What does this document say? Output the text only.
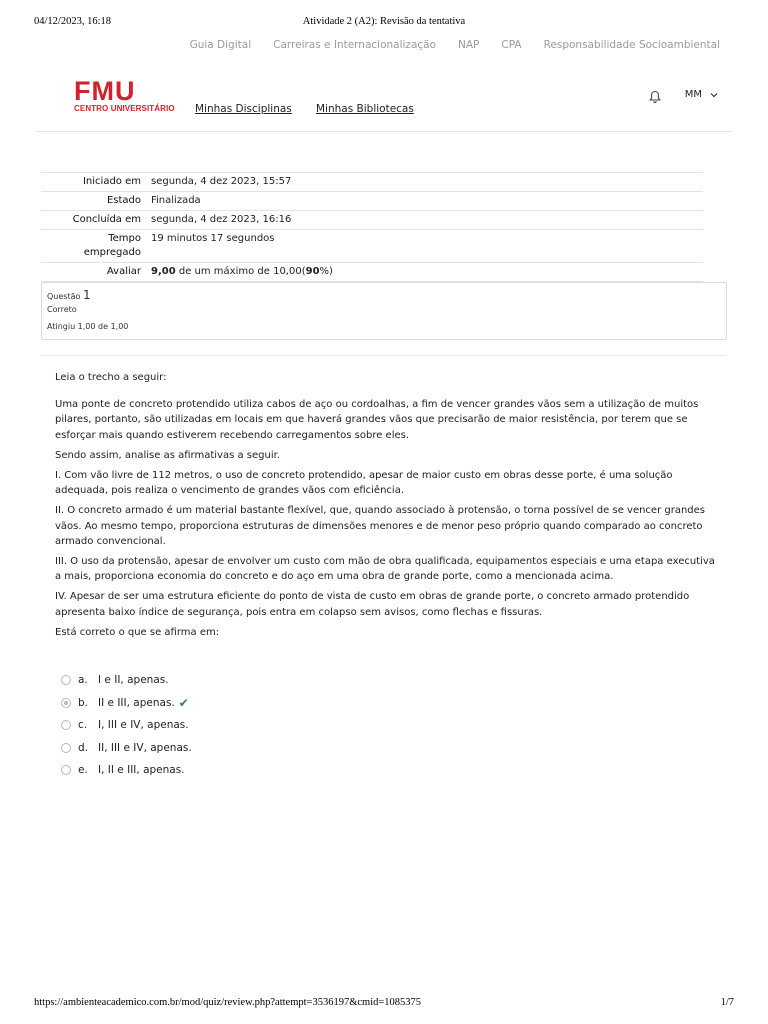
04/12/2023, 16:18	Atividade 2 (A2): Revisão da tentativa
Guia Digital Carreiras e Internacionalização NAP CPA Responsabilidade Socioambiental
FMU
CENTRO UNIVERSITÁRIO Minhas Disciplinas Minhas Bibliotecas
MM
Iniciado em	segunda, 4 dez 2023, 15:57
Estado	Finalizada
Concluída em	segunda, 4 dez 2023, 16:16
Tempo
empregado	19 minutos 17 segundos
Avaliar	9,00 de um máximo de 10,00(90%)
Questão 1
Correto
Atingiu 1,00 de 1,00

Leia o trecho a seguir:

Uma ponte de concreto protendido utiliza cabos de aço ou cordoalhas, a fim de vencer grandes vãos sem a utilização de muitos pilares, portanto, são utilizadas em locais em que haverá grandes vãos que precisarão de maior resistência, por terem que se esforçar mais quando estiverem recebendo carregamentos sobre eles.

Sendo assim, analise as afirmativas a seguir.

I. Com vão livre de 112 metros, o uso de concreto protendido, apesar de maior custo em obras desse porte, é uma solução adequada, pois realiza o vencimento de grandes vãos com eficiência.

II. O concreto armado é um material bastante flexível, que, quando associado à protensão, o torna possível de se vencer grandes vãos. Ao mesmo tempo, proporciona estruturas de dimensões menores e de menor peso próprio quando comparado ao concreto armado convencional.

III. O uso da protensão, apesar de envolver um custo com mão de obra qualificada, equipamentos especiais e uma etapa executiva a mais, proporciona economia do concreto e do aço em uma obra de grande porte, como a mencionada acima.

IV. Apesar de ser uma estrutura eficiente do ponto de vista de custo em obras de grande porte, o concreto armado protendido apresenta baixo índice de segurança, pois entra em colapso sem avisos, como flechas e fissuras.

Está correto o que se afirma em:

a. I e II, apenas.
b. II e III, apenas. ✔
c.	I, III e IV, apenas.
d. II, III e IV, apenas.
e. I, II e III, apenas.
https://ambienteacademico.com.br/mod/quiz/review.php?attempt=3536197&cmid=1085375	1/7
